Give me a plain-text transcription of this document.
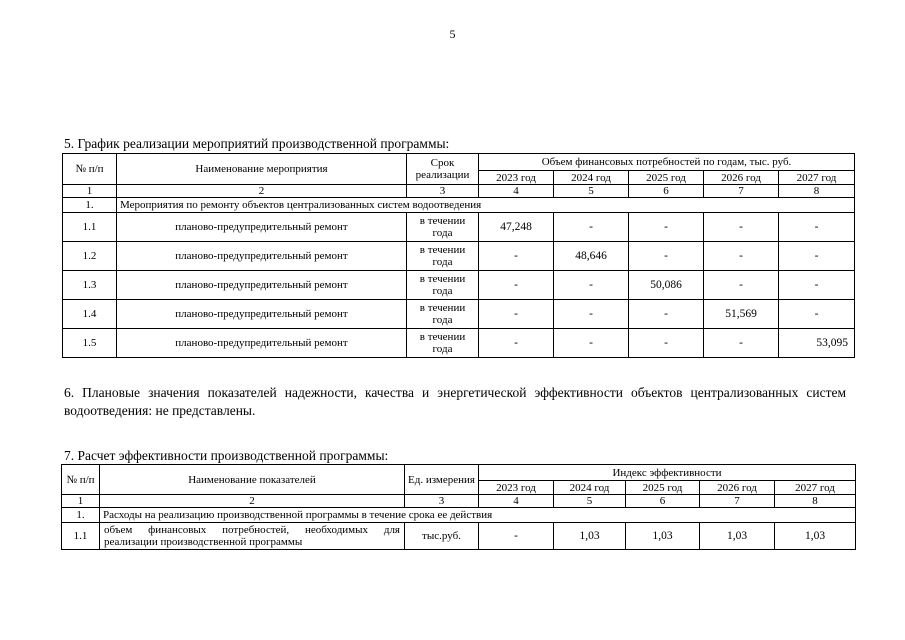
5
5. График реализации мероприятий производственной программы:
№ п/п	Наименование мероприятия	Срок реализации	Объем финансовых потребностей по годам, тыс. руб.				
			2023 год	2024 год	2025 год	2026 год	2027 год
1	2	3	4	5	6	7	8
1.	Мероприятия по ремонту объектов централизованных систем водоотведения						
1.1	планово-предупредительный ремонт	в течении года	47,248	-	-	-	-
1.2	планово-предупредительный ремонт	в течении года	-	48,646	-	-	-
1.3	планово-предупредительный ремонт	в течении года	-	-	50,086	-	-
1.4	планово-предупредительный ремонт	в течении года	-	-	-	51,569	-
1.5	планово-предупредительный ремонт	в течении года	-	-	-	-	53,095
6. Плановые значения показателей надежности, качества и энергетической эффективности объектов централизованных систем водоотведения: не представлены.
7. Расчет эффективности производственной программы:
№ п/п	Наименование показателей	Ед. измерения	Индекс эффективности				
			2023 год	2024 год	2025 год	2026 год	2027 год
1	2	3	4	5	6	7	8
1.	Расходы на реализацию производственной программы в течение срока ее действия						
1.1	объем финансовых потребностей, необходимых для реализации производственной программы	тыс.руб.	-	1,03	1,03	1,03	1,03
